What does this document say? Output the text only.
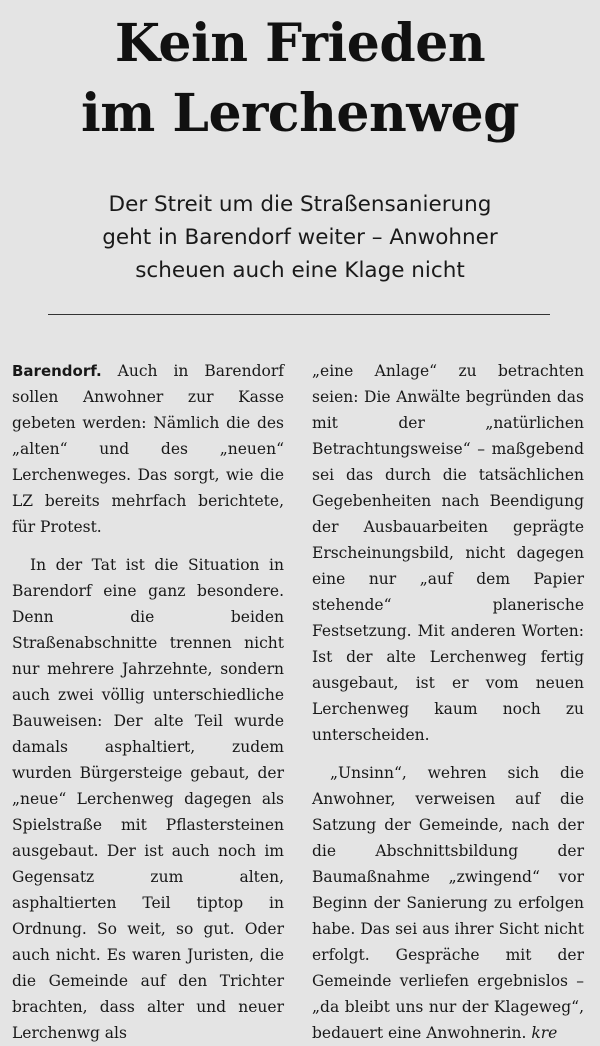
Kein Frieden
im Lerchenweg
Der Streit um die Straßensanierung
geht in Barendorf weiter – Anwohner
scheuen auch eine Klage nicht

Barendorf. Auch in Barendorf sollen Anwohner zur Kasse gebeten werden: Nämlich die des „alten“ und des „neuen“ Lerchenweges. Das sorgt, wie die LZ bereits mehrfach berichtete, für Protest.

In der Tat ist die Situation in Barendorf eine ganz besondere. Denn die beiden Straßenabschnitte trennen nicht nur mehrere Jahrzehnte, sondern auch zwei völlig unterschiedliche Bauweisen: Der alte Teil wurde damals asphaltiert, zudem wurden Bürgersteige gebaut, der „neue“ Lerchenweg dagegen als Spielstraße mit Pflastersteinen ausgebaut. Der ist auch noch im Gegensatz zum alten, asphaltierten Teil tiptop in Ordnung. So weit, so gut. Oder auch nicht. Es waren Juristen, die die Gemeinde auf den Trichter brachten, dass alter und neuer Lerchenwg als

„eine Anlage“ zu betrachten seien: Die Anwälte begründen das mit der „natürlichen Betrachtungsweise“ – maßgebend sei das durch die tatsächlichen Gegebenheiten nach Beendigung der Ausbauarbeiten geprägte Erscheinungsbild, nicht dagegen eine nur „auf dem Papier stehende“ planerische Festsetzung. Mit anderen Worten: Ist der alte Lerchenweg fertig ausgebaut, ist er vom neuen Lerchenweg kaum noch zu unterscheiden.

„Unsinn“, wehren sich die Anwohner, verweisen auf die Satzung der Gemeinde, nach der die Abschnittsbildung der Baumaßnahme „zwingend“ vor Beginn der Sanierung zu erfolgen habe. Das sei aus ihrer Sicht nicht erfolgt. Gespräche mit der Gemeinde verliefen ergebnislos – „da bleibt uns nur der Klageweg“, bedauert eine Anwohnerin. kre
